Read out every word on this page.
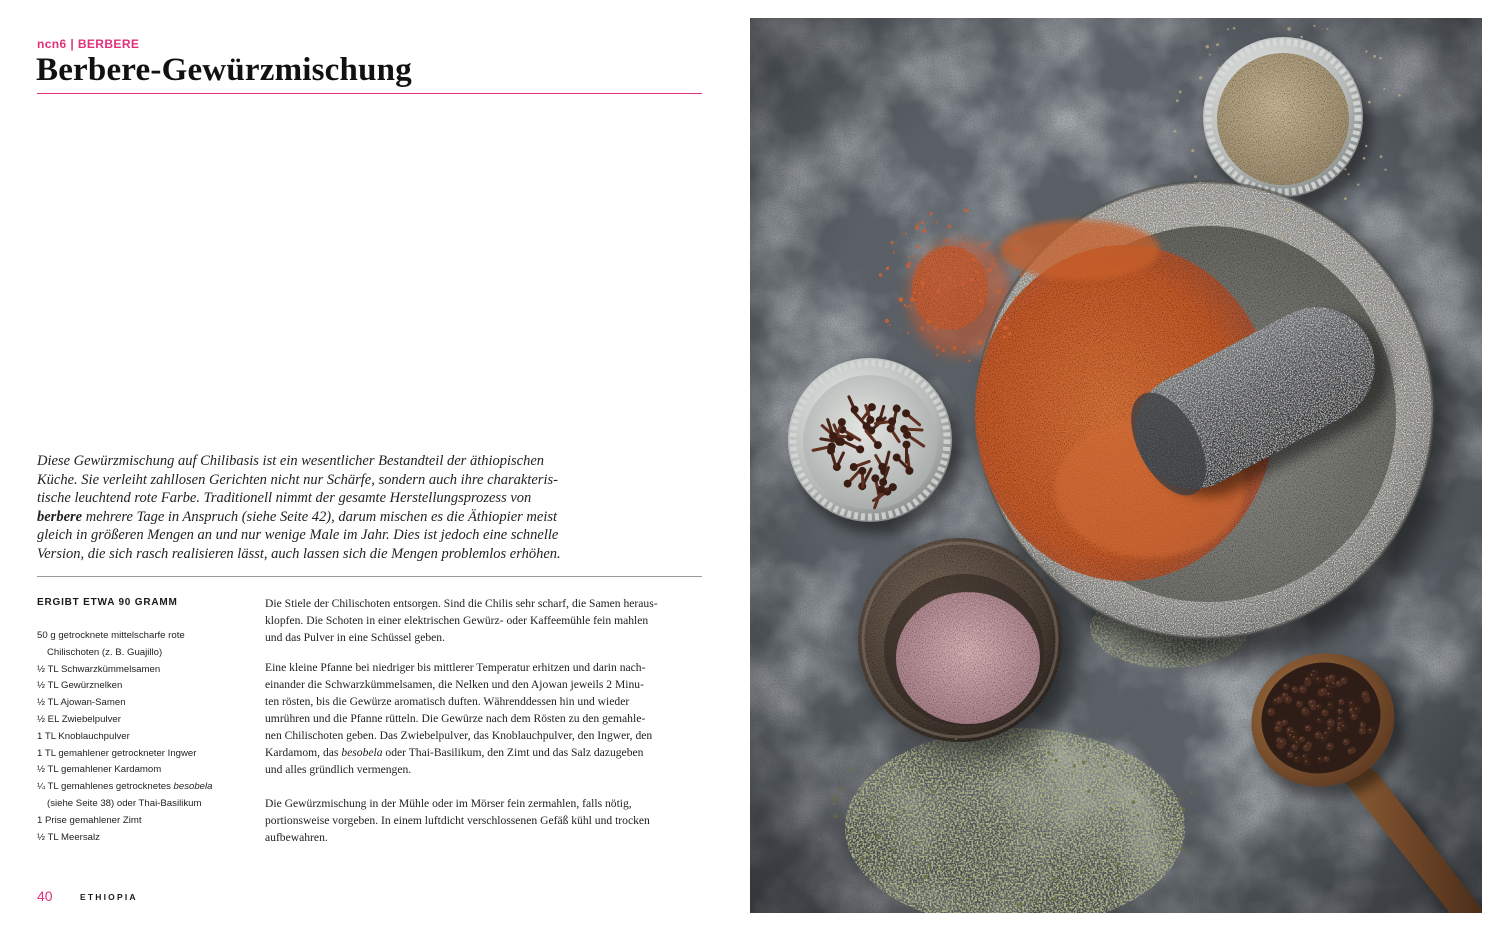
ncn6 | BERBERE
Berbere-Gewürzmischung
Diese Gewürzmischung auf Chilibasis ist ein wesentlicher Bestandteil der äthiopischen
Küche. Sie verleiht zahllosen Gerichten nicht nur Schärfe, sondern auch ihre charakteris-
tische leuchtend rote Farbe. Traditionell nimmt der gesamte Herstellungsprozess von
berbere mehrere Tage in Anspruch (siehe Seite 42), darum mischen es die Äthiopier meist
gleich in größeren Mengen an und nur wenige Male im Jahr. Dies ist jedoch eine schnelle
Version, die sich rasch realisieren lässt, auch lassen sich die Mengen problemlos erhöhen.
ERGIBT ETWA 90 GRAMM
50 g getrocknete mittelscharfe rote
Chilischoten (z. B. Guajillo)
½ TL Schwarzkümmelsamen
½ TL Gewürznelken
½ TL Ajowan-Samen
½ EL Zwiebelpulver
1 TL Knoblauchpulver
1 TL gemahlener getrockneter Ingwer
½ TL gemahlener Kardamom
¼ TL gemahlenes getrocknetes besobela
(siehe Seite 38) oder Thai-Basilikum
1 Prise gemahlener Zimt
½ TL Meersalz
Die Stiele der Chilischoten entsorgen. Sind die Chilis sehr scharf, die Samen heraus-
klopfen. Die Schoten in einer elektrischen Gewürz- oder Kaffeemühle fein mahlen
und das Pulver in eine Schüssel geben.
Eine kleine Pfanne bei niedriger bis mittlerer Temperatur erhitzen und darin nach-
einander die Schwarzkümmelsamen, die Nelken und den Ajowan jeweils 2 Minu-
ten rösten, bis die Gewürze aromatisch duften. Währenddessen hin und wieder
umrühren und die Pfanne rütteln. Die Gewürze nach dem Rösten zu den gemahle-
nen Chilischoten geben. Das Zwiebelpulver, das Knoblauchpulver, den Ingwer, den
Kardamom, das besobela oder Thai-Basilikum, den Zimt und das Salz dazugeben
und alles gründlich vermengen.
Die Gewürzmischung in der Mühle oder im Mörser fein zermahlen, falls nötig,
portionsweise vorgeben. In einem luftdicht verschlossenen Gefäß kühl und trocken
aufbewahren.
40	ETHIOPIA
